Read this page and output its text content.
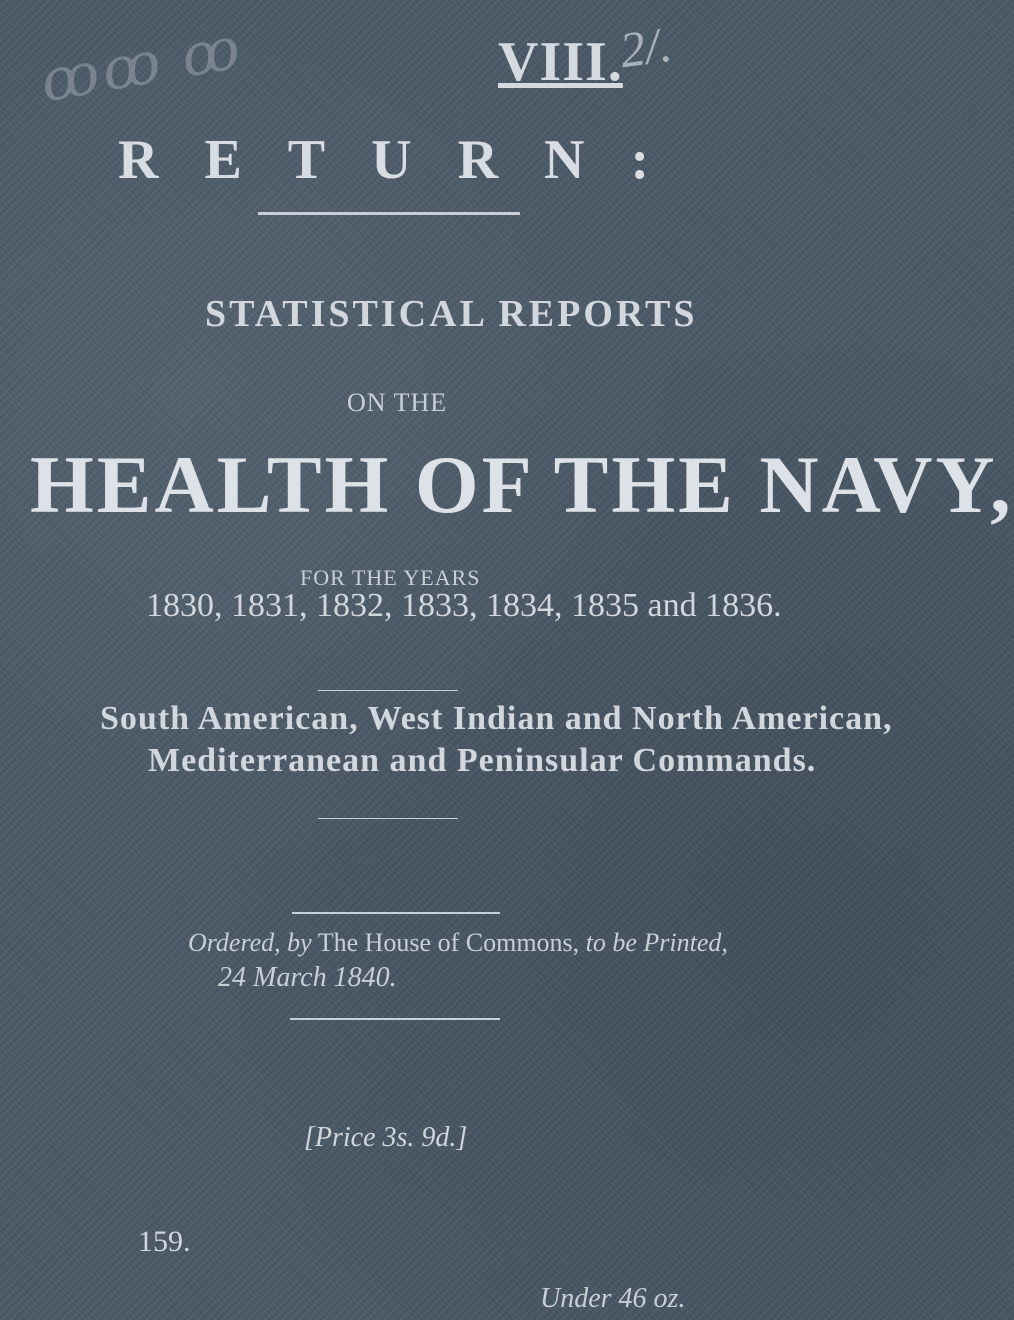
ꝏꝏ ꝏ	VIII.
2/.
RETURN:
STATISTICAL REPORTS
ON THE
HEALTH OF THE NAVY,
FOR THE YEARS
1830, 1831, 1832, 1833, 1834, 1835 and 1836.
South American, West Indian and North American,
Mediterranean and Peninsular Commands.
Ordered, by The House of Commons, to be Printed,
24 March 1840.
[Price 3s. 9d.]
159.
Under 46 oz.
